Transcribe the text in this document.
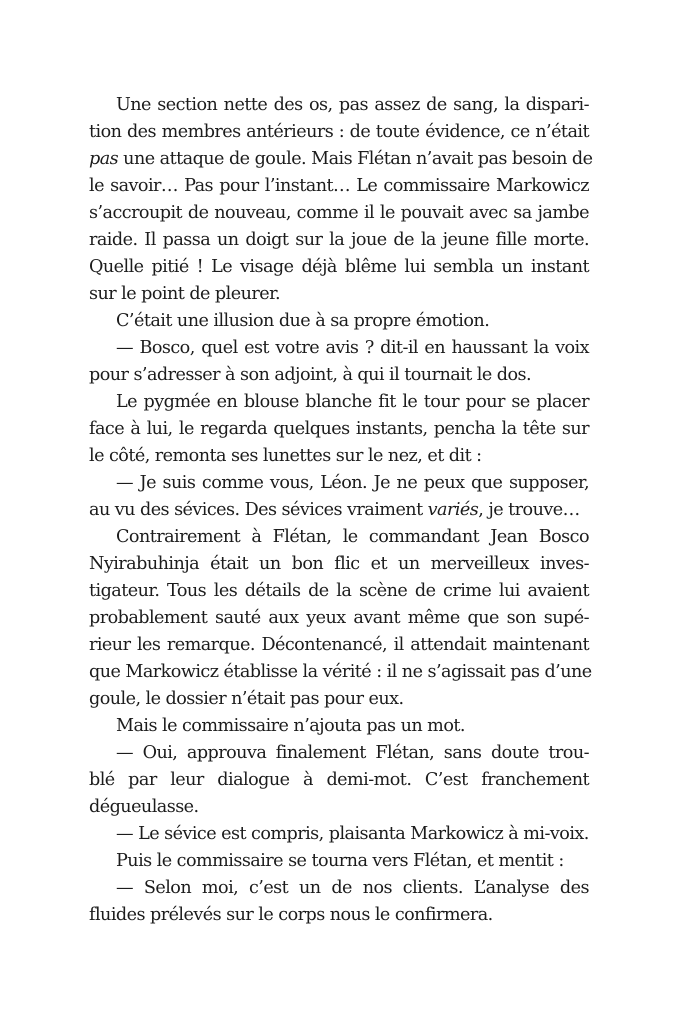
Une section nette des os, pas assez de sang, la dispari-
tion des membres antérieurs : de toute évidence, ce n’était
pas une attaque de goule. Mais Flétan n’avait pas besoin de
le savoir… Pas pour l’instant… Le commissaire Markowicz
s’accroupit de nouveau, comme il le pouvait avec sa jambe
raide. Il passa un doigt sur la joue de la jeune fille morte.
Quelle pitié ! Le visage déjà blême lui sembla un instant
sur le point de pleurer.
C’était une illusion due à sa propre émotion.
— Bosco, quel est votre avis ? dit-il en haussant la voix
pour s’adresser à son adjoint, à qui il tournait le dos.
Le pygmée en blouse blanche fit le tour pour se placer
face à lui, le regarda quelques instants, pencha la tête sur
le côté, remonta ses lunettes sur le nez, et dit :
— Je suis comme vous, Léon. Je ne peux que supposer,
au vu des sévices. Des sévices vraiment variés, je trouve…
Contrairement à Flétan, le commandant Jean Bosco
Nyirabuhinja était un bon flic et un merveilleux inves-
tigateur. Tous les détails de la scène de crime lui avaient
probablement sauté aux yeux avant même que son supé-
rieur les remarque. Décontenancé, il attendait maintenant
que Markowicz établisse la vérité : il ne s’agissait pas d’une
goule, le dossier n’était pas pour eux.
Mais le commissaire n’ajouta pas un mot.
— Oui, approuva finalement Flétan, sans doute trou-
blé par leur dialogue à demi-mot. C’est franchement
dégueulasse.
— Le sévice est compris, plaisanta Markowicz à mi-voix.
Puis le commissaire se tourna vers Flétan, et mentit :
— Selon moi, c’est un de nos clients. L’analyse des
fluides prélevés sur le corps nous le confirmera.
